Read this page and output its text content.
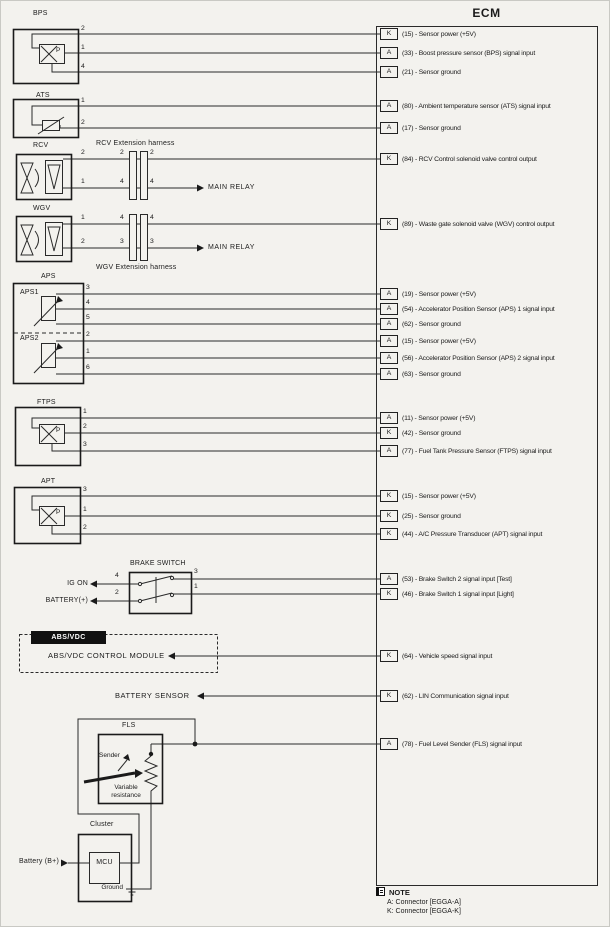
ECM
K	(15) - Sensor power (+5V)
A	(33) - Boost pressure sensor (BPS) signal input
A	(21) - Sensor ground
A	(80) - Ambient temperature sensor (ATS) signal input
A	(17) - Sensor ground
K	(84) - RCV Control solenoid valve control output
K	(89) - Waste gate solenoid valve (WGV) control output
A	(19) - Sensor power (+5V)
A	(54) - Accelerator Position Sensor (APS) 1 signal input
A	(62) - Sensor ground
A	(15) - Sensor power (+5V)
A	(56) - Accelerator Position Sensor (APS) 2 signal input
A	(63) - Sensor ground
A	(11) - Sensor power (+5V)
K	(42) - Sensor ground
A	(77) - Fuel Tank Pressure Sensor (FTPS) signal input
K	(15) - Sensor power (+5V)
K	(25) - Sensor ground
K	(44) - A/C Pressure Transducer (APT) signal input
A	(53) - Brake Switch 2 signal input [Test]
K	(46) - Brake Switch 1 signal input [Light]
K	(64) - Vehicle speed signal input
K	(62) - LIN Communication signal input
A	(78) - Fuel Level Sender (FLS) signal input
BPS
ATS
RCV	RCV Extension harness
WGV
WGV Extension harness
APS
APS1
APS2
FTPS
APT
BRAKE SWITCH
IG ON
BATTERY(+)
ABS/VDC
ABS/VDC CONTROL MODULE
BATTERY SENSOR
FLS
Sender
Variable
resistance
Cluster
MCU
Battery (B+)
Ground
MAIN RELAY
MAIN RELAY
P
P
P
2
1
4
1
2
2	2	2
1	4	4
1	4	4
2	3	3
3
4
5
2
1
6
1
2
3
3
1
2
3
1
4
2
NOTE
A: Connector [EGGA-A]
K: Connector [EGGA-K]
